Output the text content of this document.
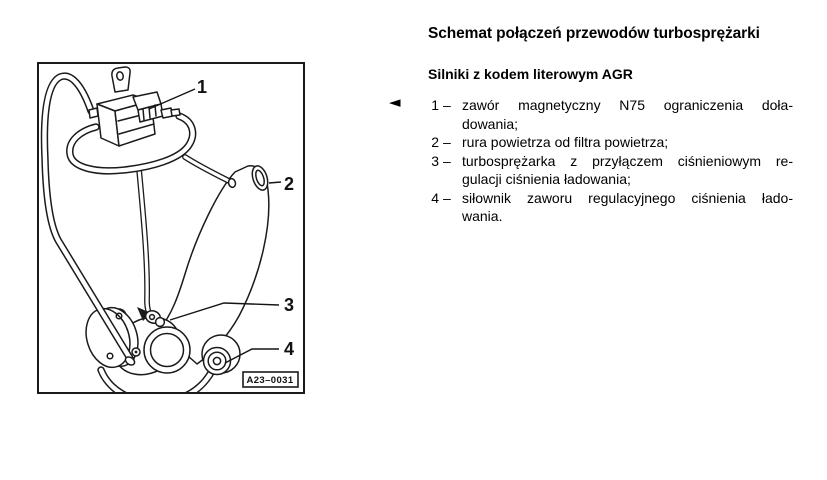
1
2
3
4
A23–0031
◄
Schemat połączeń przewodów turbosprężarki
Silniki z kodem literowym AGR
1 – zawór magnetyczny N75 ograniczenia doła-
dowania;
2 – rura powietrza od filtra powietrza;
3 – turbosprężarka z przyłączem ciśnieniowym re-
gulacji ciśnienia ładowania;
4 – siłownik zaworu regulacyjnego ciśnienia łado-
wania.
